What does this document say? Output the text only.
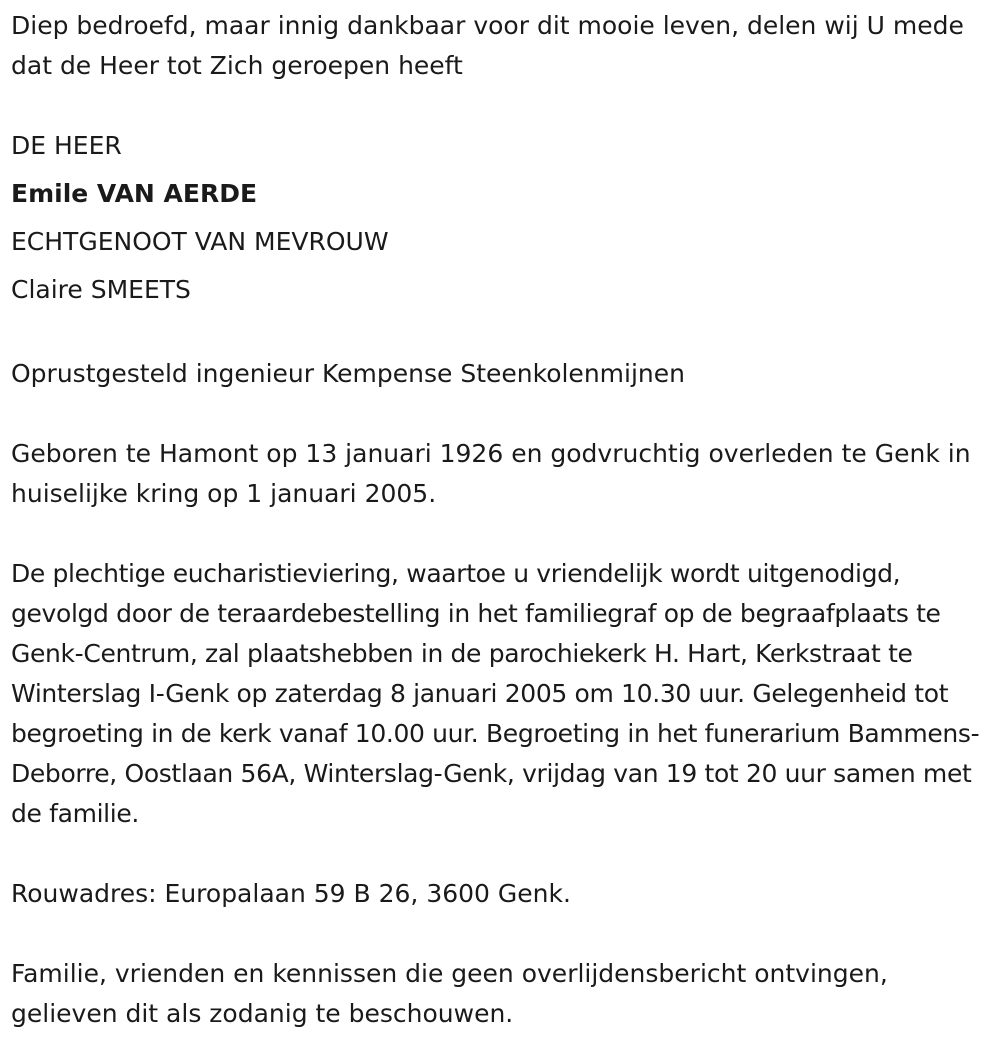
Diep bedroefd, maar innig dankbaar voor dit mooie leven, delen wij U mede dat de Heer tot Zich geroepen heeft

DE HEER
Emile VAN AERDE
ECHTGENOOT VAN MEVROUW
Claire SMEETS

Oprustgesteld ingenieur Kempense Steenkolenmijnen

Geboren te Hamont op 13 januari 1926 en godvruchtig overleden te Genk in huiselijke kring op 1 januari 2005.

De plechtige eucharistieviering, waartoe u vriendelijk wordt uitgenodigd, gevolgd door de teraardebestelling in het familiegraf op de begraafplaats te Genk-Centrum, zal plaatshebben in de parochiekerk H. Hart, Kerkstraat te Winterslag I-Genk op zaterdag 8 januari 2005 om 10.30 uur. Gelegenheid tot begroeting in de kerk vanaf 10.00 uur. Begroeting in het funerarium Bammens-Deborre, Oostlaan 56A, Winterslag-Genk, vrijdag van 19 tot 20 uur samen met de familie.

Rouwadres: Europalaan 59 B 26, 3600 Genk.

Familie, vrienden en kennissen die geen overlijdensbericht ontvingen, gelieven dit als zodanig te beschouwen.
